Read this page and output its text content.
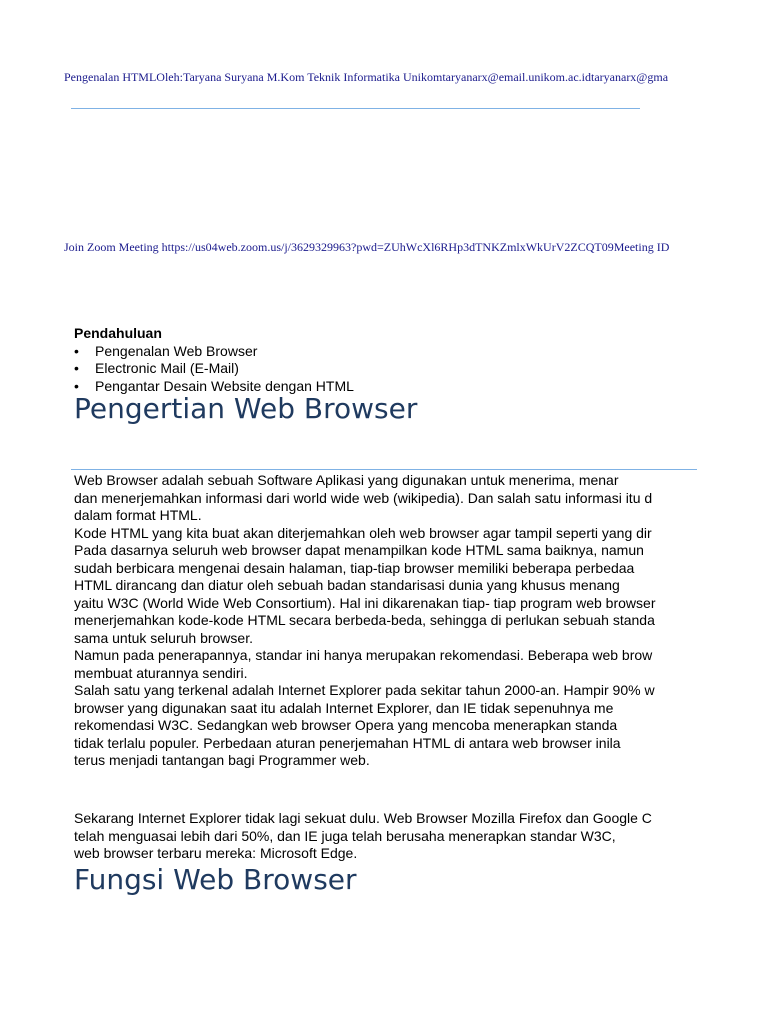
Pengenalan HTMLOleh:Taryana Suryana M.Kom Teknik Informatika Unikomtaryanarx@email.unikom.ac.idtaryanarx@gma
Join Zoom Meeting https://us04web.zoom.us/j/3629329963?pwd=ZUhWcXl6RHp3dTNKZmlxWkUrV2ZCQT09Meeting ID
Pendahuluan
• Pengenalan Web Browser
• Electronic Mail (E-Mail)
• Pengantar Desain Website dengan HTML
Pengertian Web Browser

Web Browser adalah sebuah Software Aplikasi yang digunakan untuk menerima, menar

dan menerjemahkan informasi dari world wide web (wikipedia). Dan salah satu informasi itu d

dalam format HTML.

Kode HTML yang kita buat akan diterjemahkan oleh web browser agar tampil seperti yang dir

Pada dasarnya seluruh web browser dapat menampilkan kode HTML sama baiknya, namun

sudah berbicara mengenai desain halaman, tiap-tiap browser memiliki beberapa perbedaa

HTML dirancang dan diatur oleh sebuah badan standarisasi dunia yang khusus menang

yaitu W3C (World Wide Web Consortium). Hal ini dikarenakan tiap- tiap program web browser

menerjemahkan kode-kode HTML secara berbeda-beda, sehingga di perlukan sebuah standa

sama untuk seluruh browser.

Namun pada penerapannya, standar ini hanya merupakan rekomendasi. Beberapa web brow

membuat aturannya sendiri.

Salah satu yang terkenal adalah Internet Explorer pada sekitar tahun 2000-an. Hampir 90% w

browser yang digunakan saat itu adalah Internet Explorer, dan IE tidak sepenuhnya me

rekomendasi W3C. Sedangkan web browser Opera yang mencoba menerapkan standa

tidak terlalu populer. Perbedaan aturan penerjemahan HTML di antara web browser inila

terus menjadi tantangan bagi Programmer web.

Sekarang Internet Explorer tidak lagi sekuat dulu. Web Browser Mozilla Firefox dan Google C

telah menguasai lebih dari 50%, dan IE juga telah berusaha menerapkan standar W3C,

web browser terbaru mereka: Microsoft Edge.

Fungsi Web Browser
